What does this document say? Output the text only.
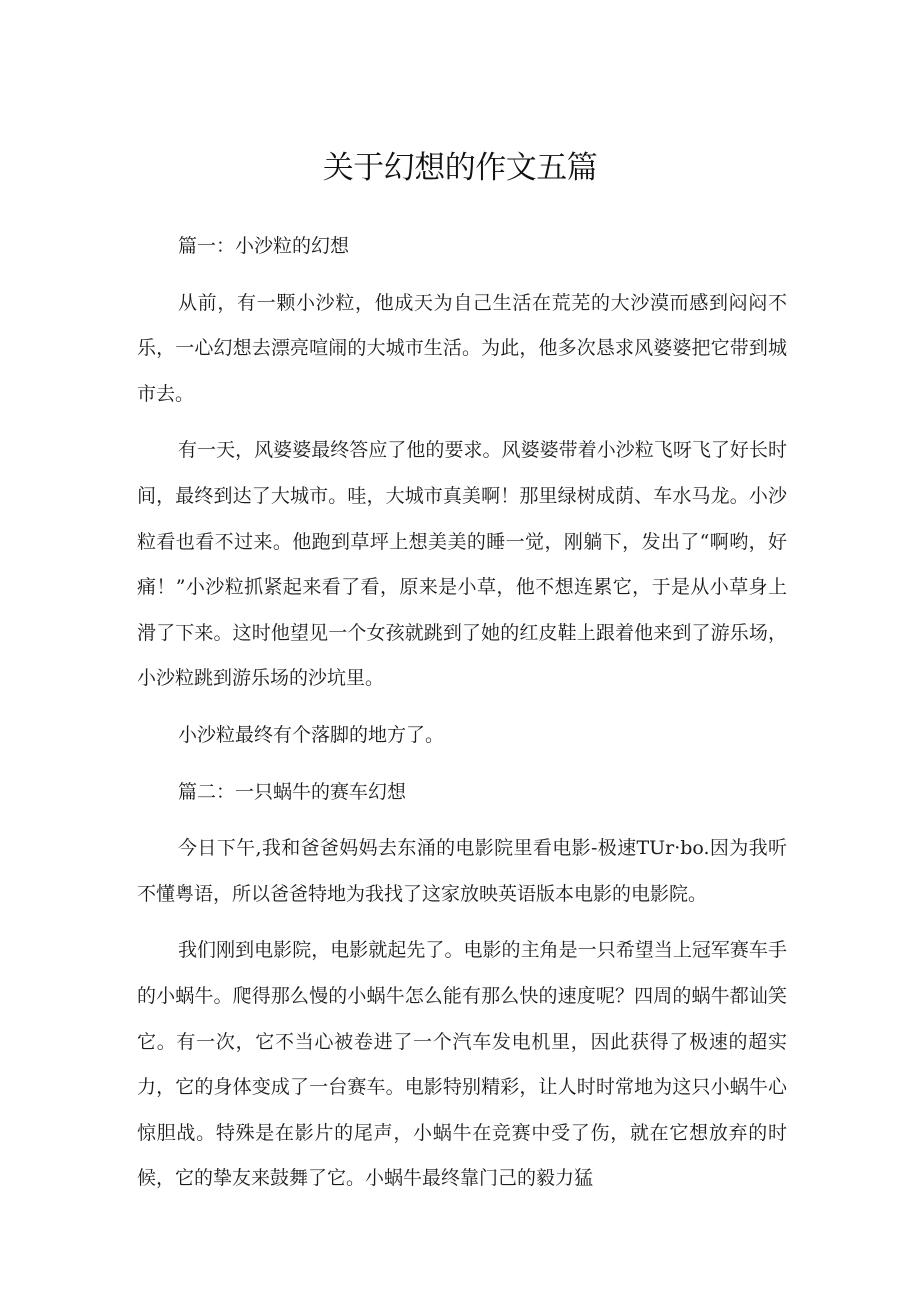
关于幻想的作文五篇

篇一：小沙粒的幻想

从前，有一颗小沙粒，他成天为自己生活在荒芜的大沙漠而感到闷闷不乐，一心幻想去漂亮喧闹的大城市生活。为此，他多次恳求风婆婆把它带到城市去。

有一天，风婆婆最终答应了他的要求。风婆婆带着小沙粒飞呀飞了好长时间，最终到达了大城市。哇，大城市真美啊！那里绿树成荫、车水马龙。小沙粒看也看不过来。他跑到草坪上想美美的睡一觉，刚躺下，发出了“啊哟，好痛！”小沙粒抓紧起来看了看，原来是小草，他不想连累它，于是从小草身上滑了下来。这时他望见一个女孩就跳到了她的红皮鞋上跟着他来到了游乐场，小沙粒跳到游乐场的沙坑里。

小沙粒最终有个落脚的地方了。

篇二：一只蜗牛的赛车幻想

今日下午,我和爸爸妈妈去东涌的电影院里看电影-极速TUr·bo.因为我听不懂粤语，所以爸爸特地为我找了这家放映英语版本电影的电影院。

我们刚到电影院，电影就起先了。电影的主角是一只希望当上冠军赛车手的小蜗牛。爬得那么慢的小蜗牛怎么能有那么快的速度呢？四周的蜗牛都讪笑它。有一次，它不当心被卷进了一个汽车发电机里，因此获得了极速的超实力，它的身体变成了一台赛车。电影特别精彩，让人时时常地为这只小蜗牛心惊胆战。特殊是在影片的尾声，小蜗牛在竞赛中受了伤，就在它想放弃的时候，它的挚友来鼓舞了它。小蜗牛最终靠门己的毅力猛
